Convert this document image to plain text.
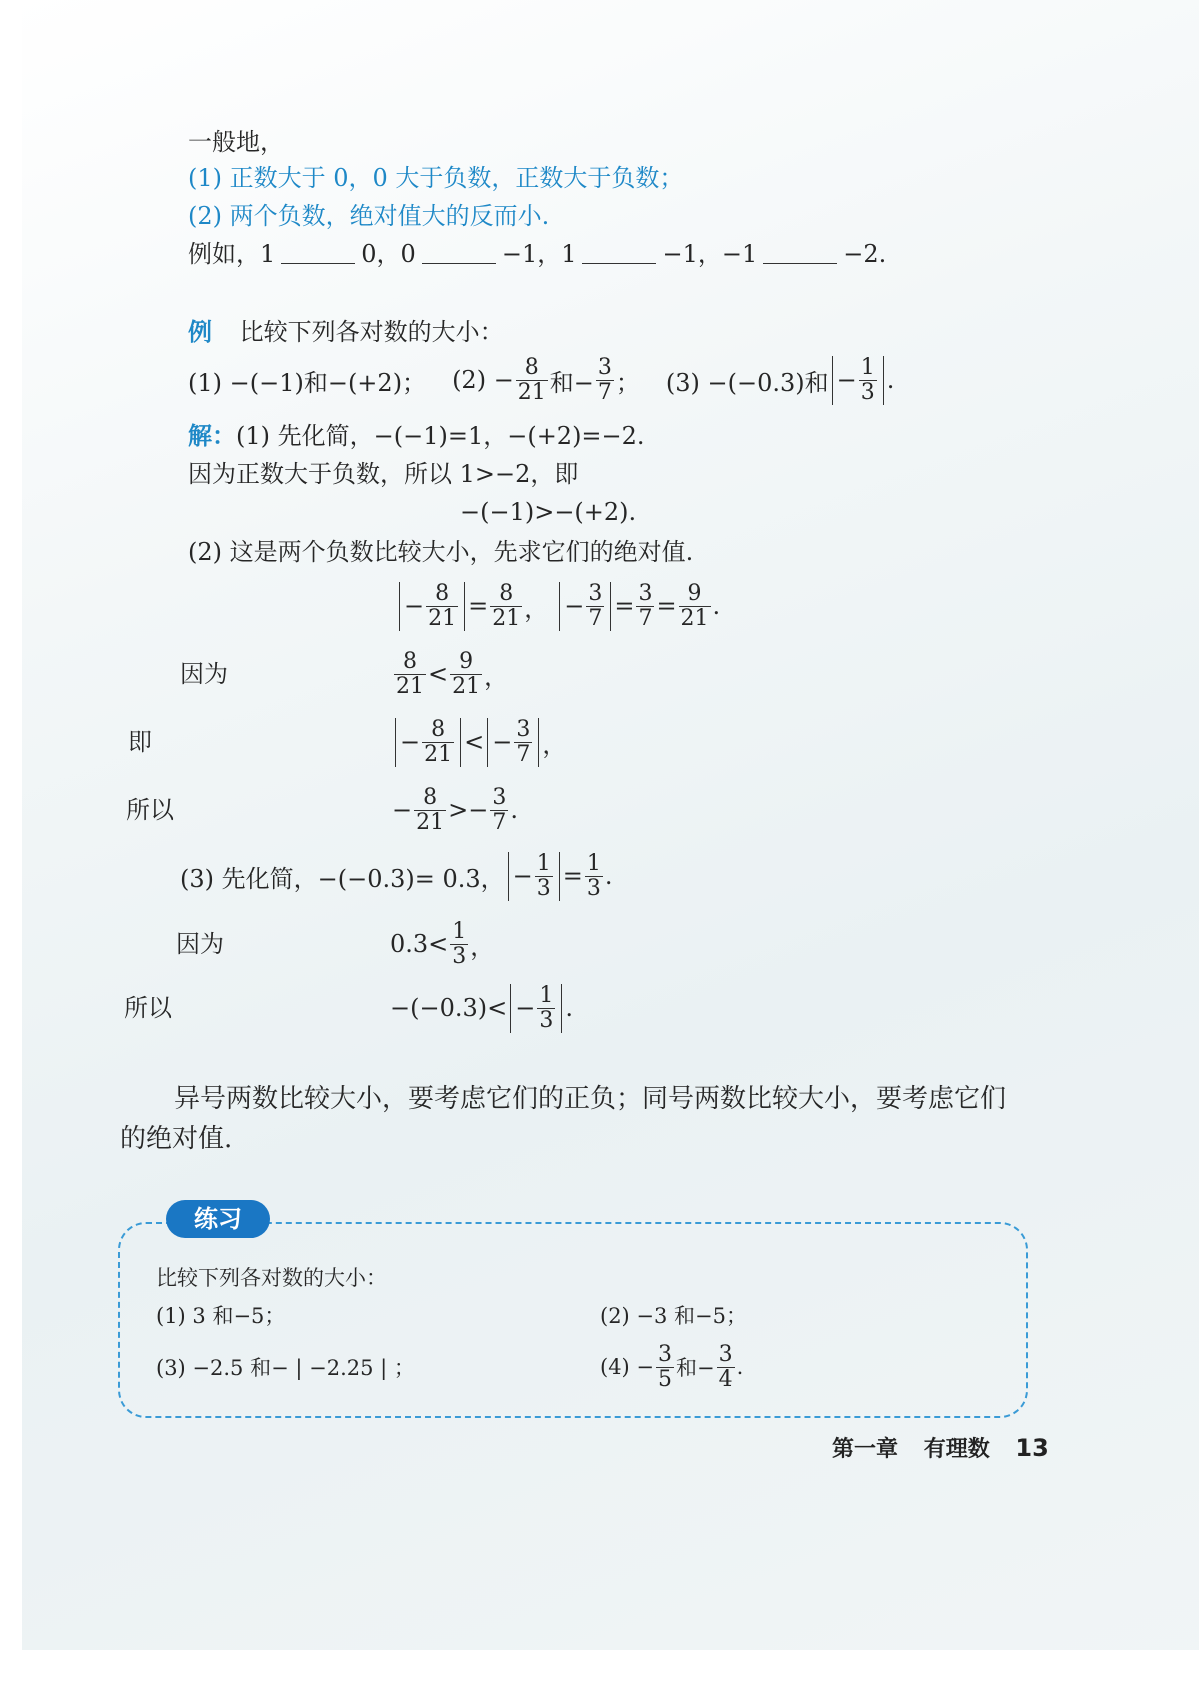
一般地，
(1) 正数大于 0，0 大于负数，正数大于负数；
(2) 两个负数，绝对值大的反而小.
例如，1	0，0	−1，1	−1，−1	−2.
例 比较下列各对数的大小：
(1) −(−1)和−(+2)； $(2) - \frac{8}{21}$ 和− $\frac{3}{7}$ ； (3) −(−0.3)和 − $\frac{1}{3}$ .
解：(1) 先化简，−(−1)=1，−(+2)=−2.
因为正数大于负数，所以 1>−2，即
−(−1)>−(+2).
(2) 这是两个负数比较大小，先求它们的绝对值.
− $\frac{8}{21} = \frac{8}{21}$ ， − $\frac{3}{7} = \frac{3}{7} = \frac{9}{21}$ .
因为	$\frac{8}{21} < \frac{9}{21}$ ，
即	− $\frac{8}{21}$ < − $\frac{3}{7}$ ，
所以	− $\frac{8}{21}$ > − $\frac{3}{7}$ .
(3) 先化简，−(−0.3)= 0.3， − $\frac{1}{3} = \frac{1}{3}$ .
因为	$0.3< \frac{1}{3}$ ，
所以	$-(-0.3)< - \frac{1}{3}$ .
异号两数比较大小，要考虑它们的正负；同号两数比较大小，要考虑它们
的绝对值.
练习
比较下列各对数的大小：
(1) 3 和−5；	(2) −3 和−5；
(3) −2.5 和− | −2.25 | ；	$(4) - \frac{3}{5}$ 和− $\frac{3}{4}$ .
第一章 有理数 13
